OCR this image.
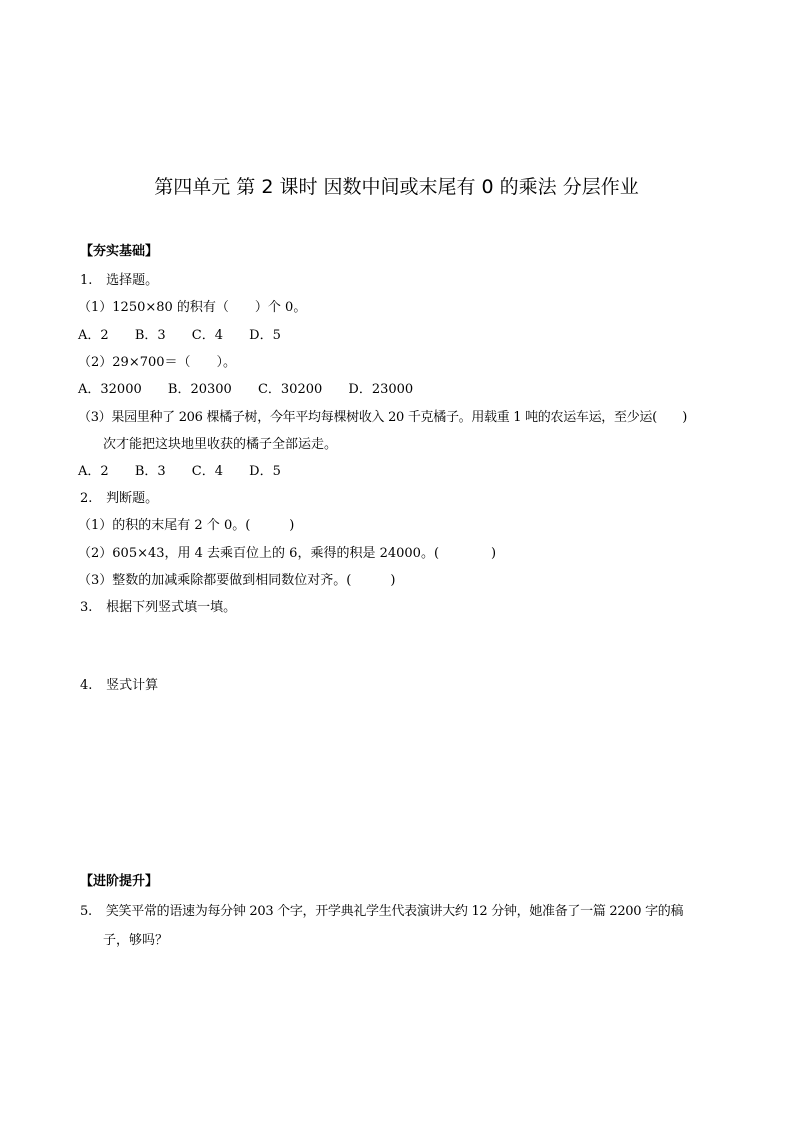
第四单元 第 2 课时 因数中间或末尾有 0 的乘法 分层作业
【夯实基础】
1. 选择题。
（1）1250×80 的积有（　　）个 0。
A．2 B．3 C．4 D．5
（2）29×700＝（　　）。
A．32000 B．20300 C．30200 D．23000
（3）果园里种了 206 棵橘子树，今年平均每棵树收入 20 千克橘子。用载重 1 吨的农运车运，至少运(　　)
次才能把这块地里收获的橘子全部运走。
A．2 B．3 C．4 D．5
2. 判断题。
（1）的积的末尾有 2 个 0。(　　　)
（2）605×43，用 4 去乘百位上的 6，乘得的积是 24000。(　　　　)
（3）整数的加减乘除都要做到相同数位对齐。(　　　)
3. 根据下列竖式填一填。
4. 竖式计算
【进阶提升】
5. 笑笑平常的语速为每分钟 203 个字，开学典礼学生代表演讲大约 12 分钟，她准备了一篇 2200 字的稿
子，够吗？
